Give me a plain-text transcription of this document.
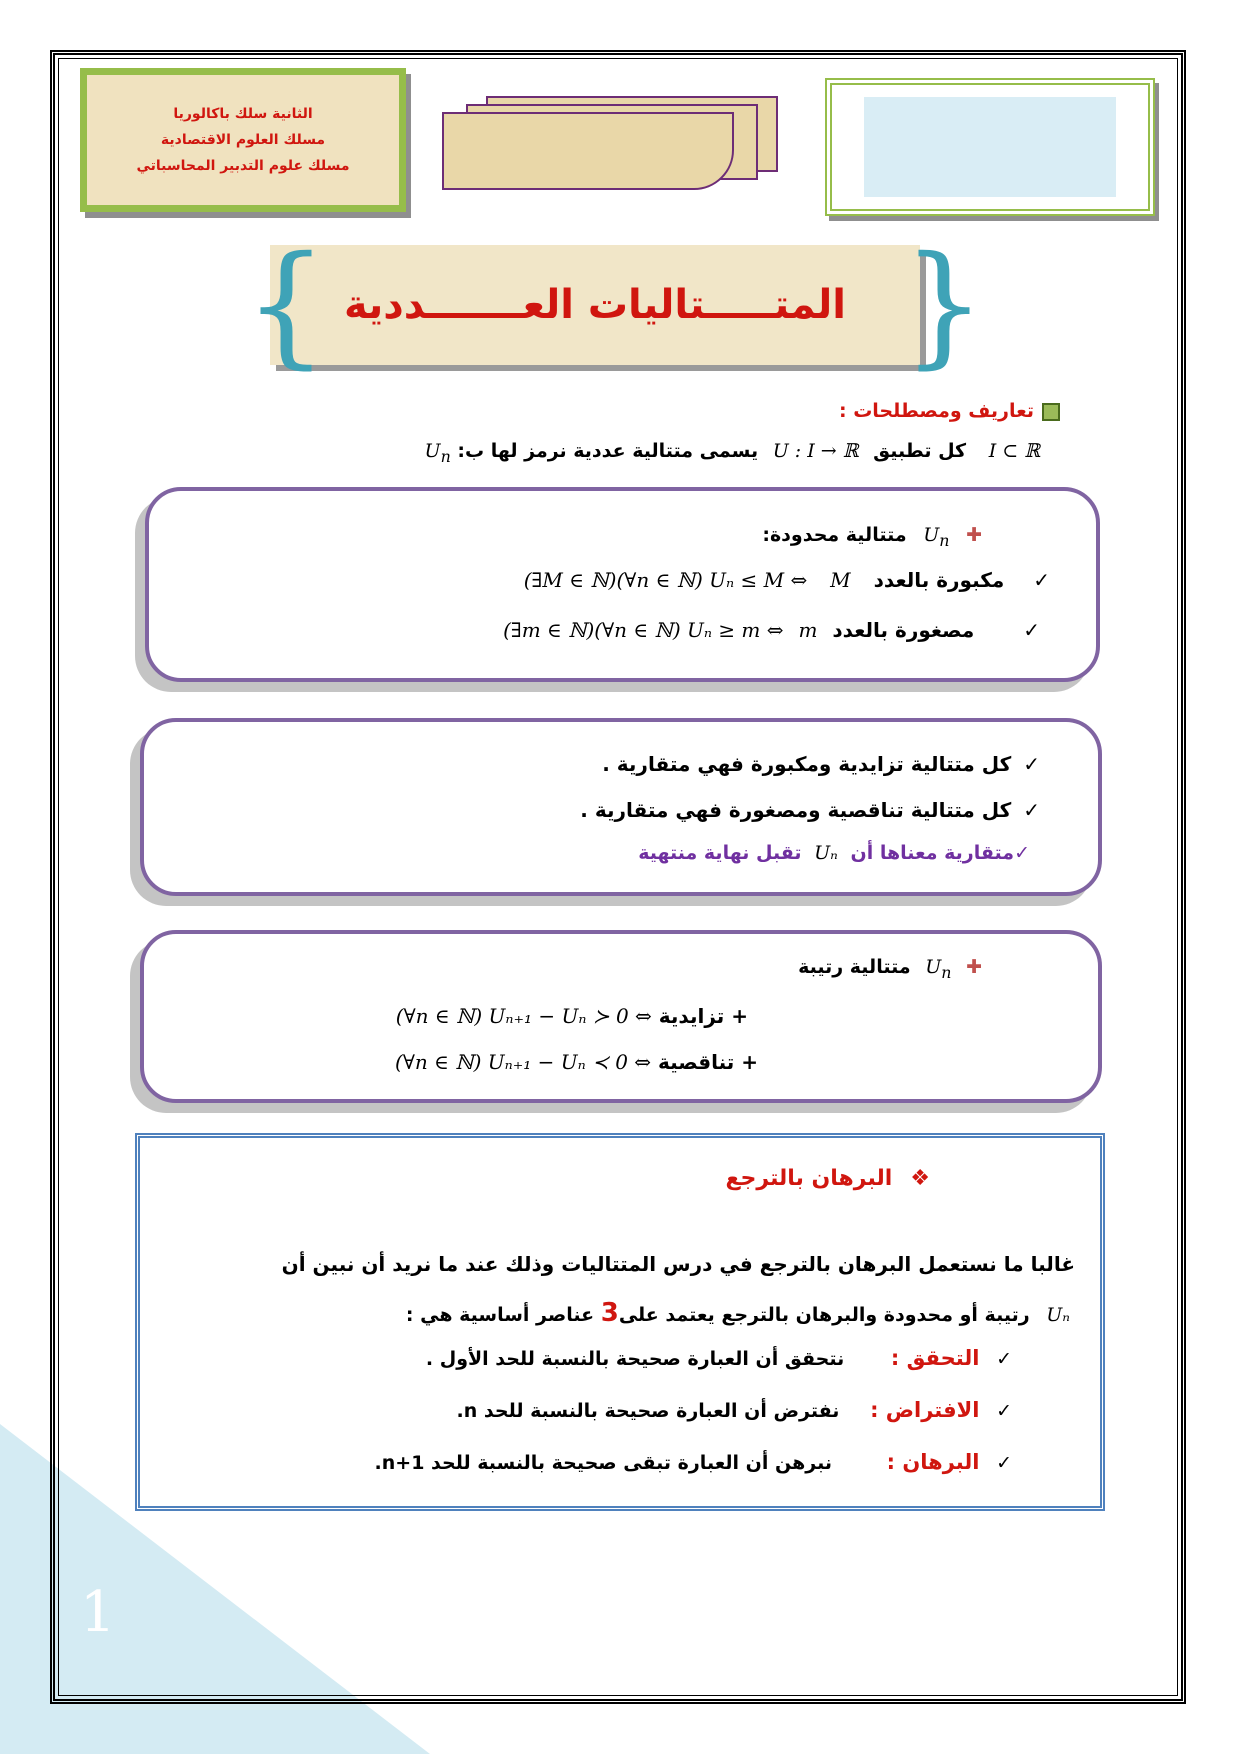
1
الثانية سلك باكالوريا
مسلك العلوم الاقتصادية
مسلك علوم التدبير المحاسباتي
{	}
المتـــــتاليات العـــــــددية
تعاريف ومصطلحات :
I ⊂ ℝ كل تطبيق U : I → ℝ يسمى متتالية عددية نرمز لها ب: $U_n$
✚ $U_n$ متتالية محدودة:
✓ مكبورة بالعدد M (∃M ∈ ℕ)(∀n ∈ ℕ) Uₙ ≤ M ⇔
✓ مصغورة بالعدد m (∃m ∈ ℕ)(∀n ∈ ℕ) Uₙ ≥ m ⇔
✓كل متتالية تزايدية ومكبورة فهي متقارية .
✓كل متتالية تناقصية ومصغورة فهي متقارية .
✓متقارية معناها أن Uₙ تقبل نهاية منتهية
✚ $U_n$ متتالية رتيبة
+ تزايدية (∀n ∈ ℕ) Uₙ₊₁ − Uₙ ≻ 0 ⇔
+ تناقصية (∀n ∈ ℕ) Uₙ₊₁ − Uₙ ≺ 0 ⇔
❖البرهان بالترجع
غالبا ما نستعمل البرهان بالترجع في درس المتتاليات وذلك عند ما نريد أن نبين أن
Uₙ رتيبة أو محدودة والبرهان بالترجع يعتمد على3 عناصر أساسية هي :
✓ التحقق : نتحقق أن العبارة صحيحة بالنسبة للحد الأول .
✓ الافتراض : نفترض أن العبارة صحيحة بالنسبة للحد n.
✓ البرهان : نبرهن أن العبارة تبقى صحيحة بالنسبة للحد n+1.
